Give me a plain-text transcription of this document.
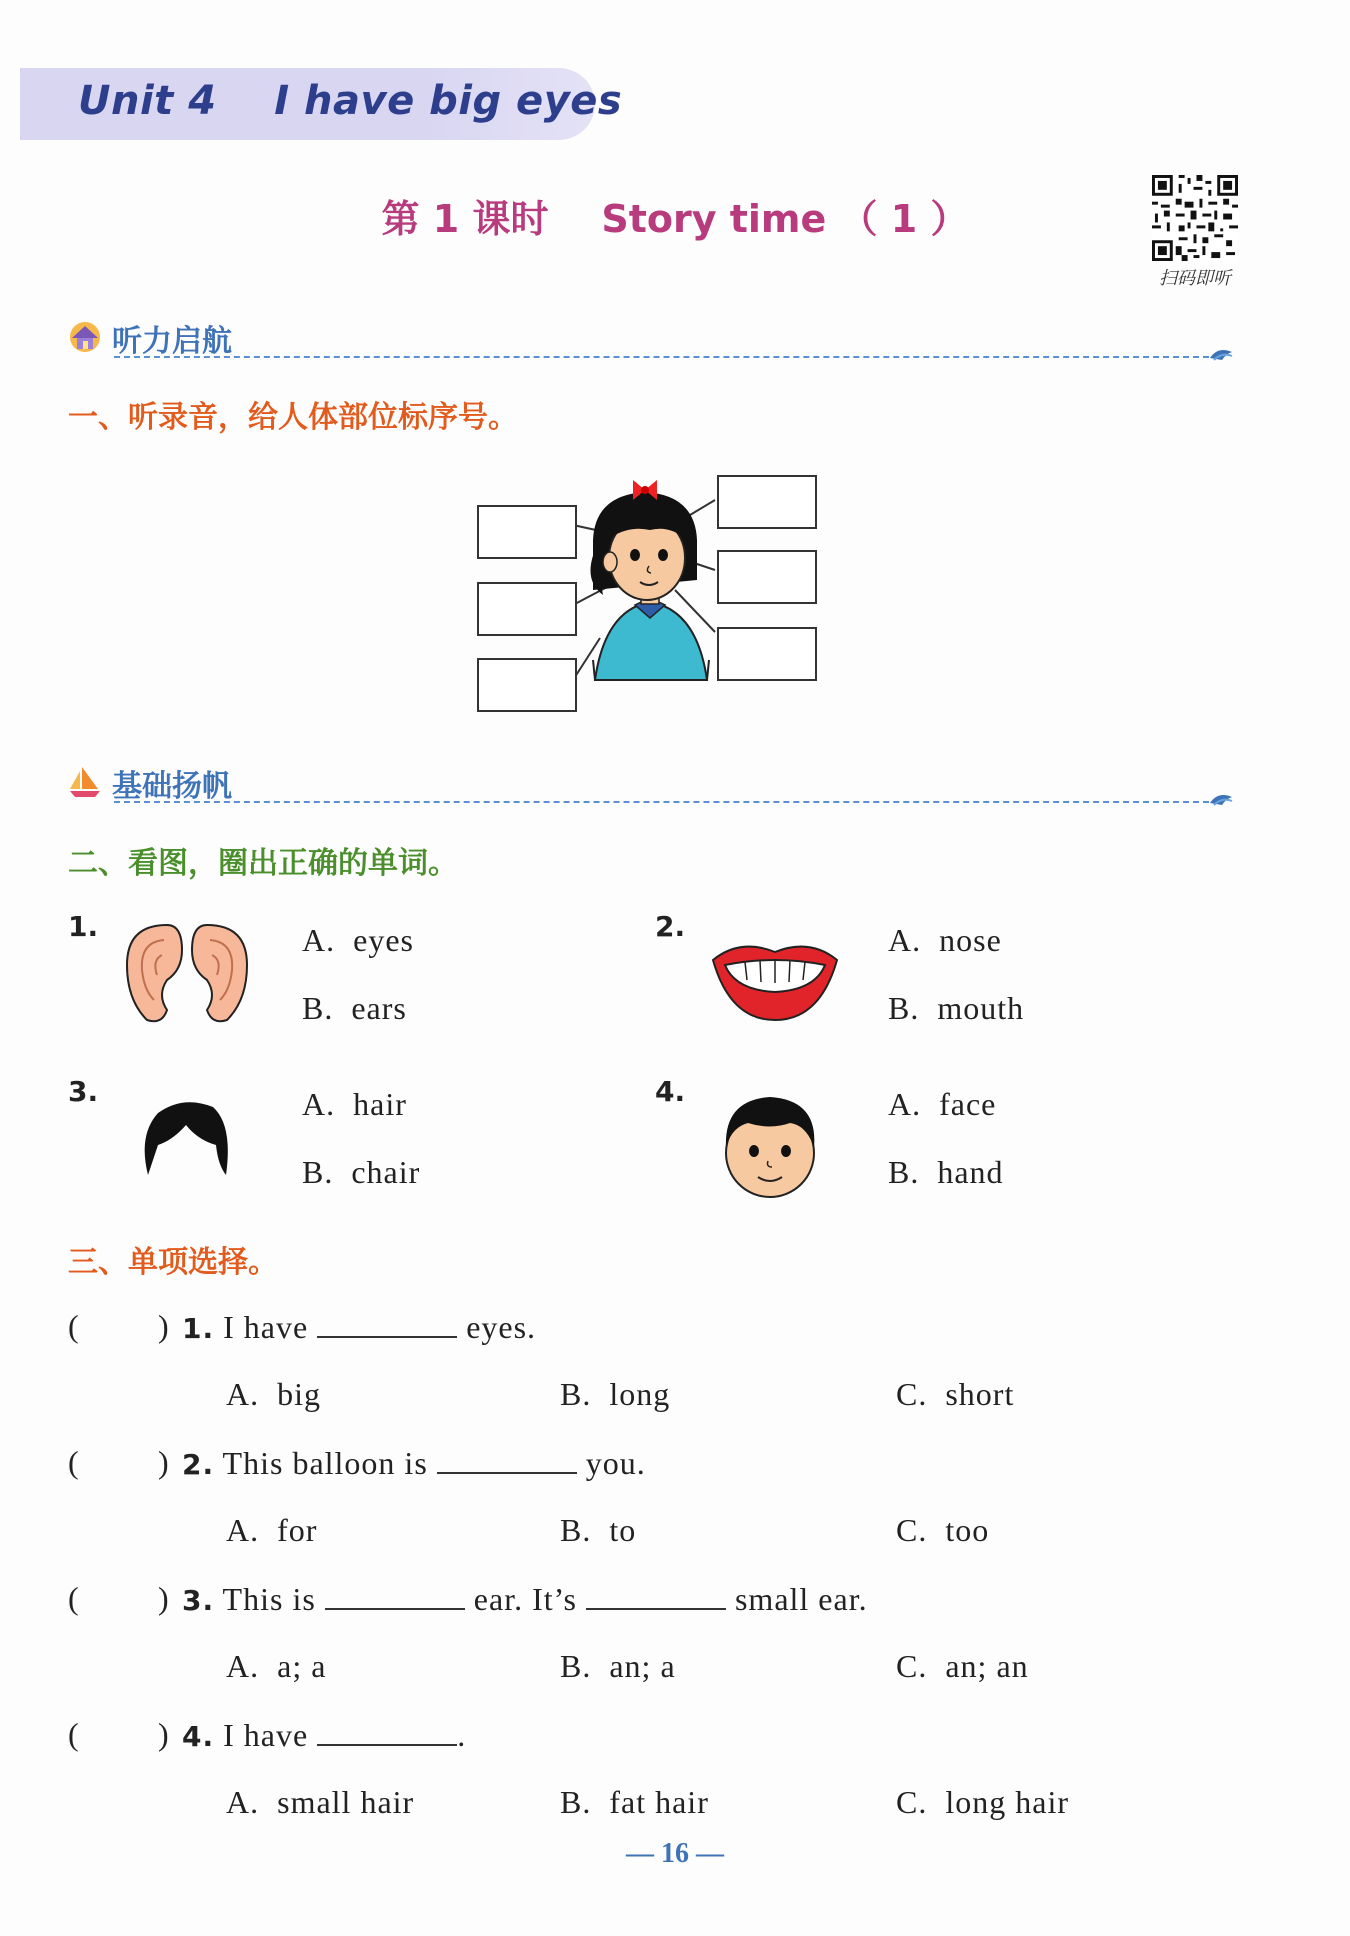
Unit 4    I have big eyes
第 1 课时    Story time （ 1 ）
扫码即听
听力启航
一、听录音，给人体部位标序号。
基础扬帆
二、看图，圈出正确的单词。
1.	A.  eyes
B.  ears
2.	A.  nose
B.  mouth
3.	A.  hair
B.  chair
4.	A.  face
B.  hand
三、单项选择。
( ) 1. I have	eyes.
A.  big	B.  long	C.  short
( ) 2. This balloon is	you.
A.  for	B.  to	C.  too
( ) 3. This is	ear. It’s	small ear.
A.  a; a	B.  an; a	C.  an; an
( ) 4. I have	.
A.  small hair	B.  fat hair	C.  long hair
— 16 —
